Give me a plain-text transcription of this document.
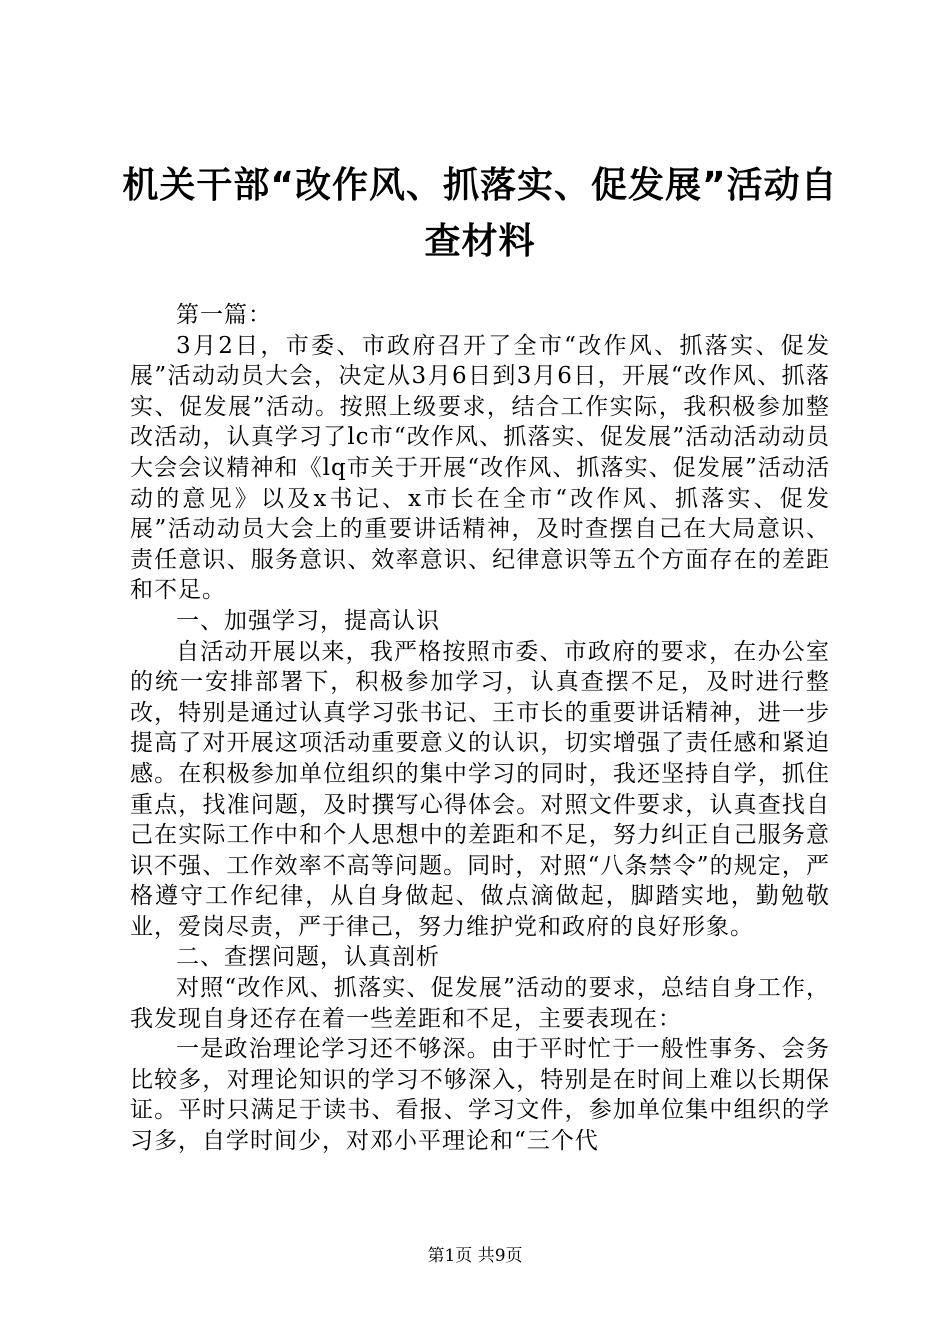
机关干部“改作风、抓落实、促发展”活动自查材料

第一篇：

3月2日，市委、市政府召开了全市“改作风、抓落实、促发展”活动动员大会，决定从3月6日到3月6日，开展“改作风、抓落实、促发展”活动。按照上级要求，结合工作实际，我积极参加整改活动，认真学习了lc市“改作风、抓落实、促发展”活动活动动员大会会议精神和《lq市关于开展“改作风、抓落实、促发展”活动活动的意见》以及x书记、x市长在全市“改作风、抓落实、促发展”活动动员大会上的重要讲话精神，及时查摆自己在大局意识、责任意识、服务意识、效率意识、纪律意识等五个方面存在的差距和不足。

一、加强学习，提高认识

自活动开展以来，我严格按照市委、市政府的要求，在办公室的统一安排部署下，积极参加学习，认真查摆不足，及时进行整改，特别是通过认真学习张书记、王市长的重要讲话精神，进一步提高了对开展这项活动重要意义的认识，切实增强了责任感和紧迫感。在积极参加单位组织的集中学习的同时，我还坚持自学，抓住重点，找准问题，及时撰写心得体会。对照文件要求，认真查找自己在实际工作中和个人思想中的差距和不足，努力纠正自己服务意识不强、工作效率不高等问题。同时，对照“八条禁令”的规定，严格遵守工作纪律，从自身做起、做点滴做起，脚踏实地，勤勉敬业，爱岗尽责，严于律己，努力维护党和政府的良好形象。

二、查摆问题，认真剖析

对照“改作风、抓落实、促发展”活动的要求，总结自身工作，我发现自身还存在着一些差距和不足，主要表现在：

一是政治理论学习还不够深。由于平时忙于一般性事务、会务比较多，对理论知识的学习不够深入，特别是在时间上难以长期保证。平时只满足于读书、看报、学习文件，参加单位集中组织的学习多，自学时间少，对邓小平理论和“三个代

第1页 共9页
